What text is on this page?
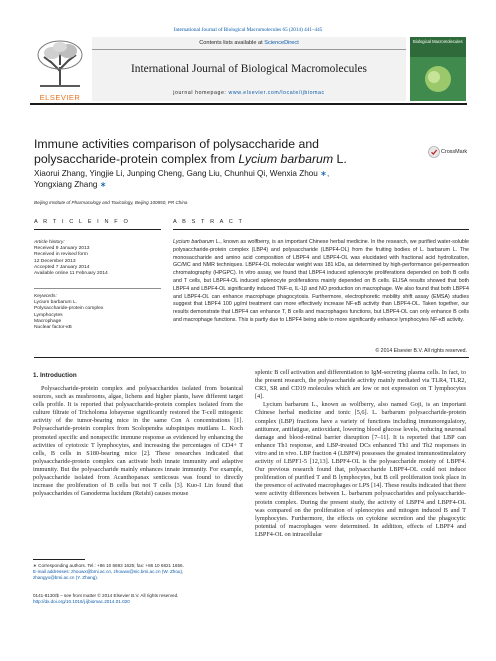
International Journal of Biological Macromolecules 65 (2014) 441–445
ELSEVIER
Contents lists available at ScienceDirect
International Journal of Biological Macromolecules
journal homepage: www.elsevier.com/locate/ijbiomac
Biological Macromolecules
Immune activities comparison of polysaccharide and
polysaccharide-protein complex from Lycium barbarum L.	CrossMark
Xiaorui Zhang, Yingjie Li, Junping Cheng, Gang Liu, Chunhui Qi, Wenxia Zhou ∗,
Yongxiang Zhang ∗
Beijing Institute of Pharmacology and Toxicology, Beijing 100850, PR China
A R T I C L E I N F O
Article history:
Received 9 January 2013
Received in revised form
12 December 2013
Accepted 7 January 2014
Available online 11 February 2014
Keywords:
Lycium barbarum L.
Polysaccharide-protein complex
Lymphocytes
Macrophage
Nuclear factor-κB
A B S T R A C T
Lycium barbarum L., known as wolfberry, is an important Chinese herbal medicine. In the research, we purified water-soluble polysaccharide-protein complex (LBP4) and polysaccharide (LBPF4-OL) from the fruiting bodies of L. barbarum L. The monosaccharide and amino acid composition of LBPF4 and LBPF4-OL was elucidated with fractional acid hydrolization, GC/MC and NMR techniques. LBPF4-OL molecular weight was 181 kDa, as determined by high-performance gel-permeation chromatography (HPGPC). In vitro assay, we found that LBPF4 induced splenocyte proliferations depended on both B cells and T cells, but LBPF4-OL induced splenocyte proliferations mainly depended on B cells. ELISA results showed that both LBPF4 and LBPF4-OL significantly induced TNF-α, IL-1β and NO production on macrophage. We also found that both LBPF4 and LBPF4-OL can enhance macrophage phagocytosis. Furthermore, electrophoretic mobility shift assay (EMSA) studies suggest that LBPF4 100 μg/ml treatment can more effectively increase NF-κB activity than LBPF4-OL. Taken together, our results demonstrate that LBPF4 can enhance T, B cells and macrophages functions, but LBPF4-OL can only enhance B cells and macrophage functions. This is partly due to LBPF4 being able to more significantly enhance lymphocytes NF-κB activity.
© 2014 Elsevier B.V. All rights reserved.
1. Introduction
Polysaccharide-protein complex and polysaccharides isolated from botanical sources, such as mushrooms, algae, lichens and higher plants, have different target cells profile. It is reported that polysaccharide-protein complex isolated from the culture filtrate of Tricholoma lobayense significantly restored the T-cell mitogenic activity of the tumor-bearing mice in the same Con A concentrations [1]. Polysaccharide-protein complex from Scolopendra subspinipes mutilans L. Koch promoted specific and nonspecific immune response as evidenced by enhancing the activities of cytotoxic T lymphocytes, and increasing the percentages of CD4+ T cells, B cells in S180-bearing mice [2]. These researches indicated that polysaccharide-protein complex can activate both innate immunity and adaptive immunity. But the polysaccharide mainly enhances innate immunity. For example, polysaccharide isolated from Acanthopanax senticosus was found to directly increase the proliferation of B cells but not T cells [3]. Kuo-I Lin found that polysaccharides of Ganoderma lucidum (Reishi) causes mouse
splenic B cell activation and differentiation to IgM-secreting plasma cells. In fact, to the present research, the polysaccharide activity mainly mediated via TLR4, TLR2, CR3, SR and CD19 molecules which are low or not expression on T lymphocytes [4].
Lycium barbarum L., known as wolfberry, also named Goji, is an important Chinese herbal medicine and tonic [5,6]. L. barbarum polysaccharide-protein complex (LBP) fractions have a variety of functions including immunoregulatory, antitumor, antifatigue, antioxidant, lowering blood glucose levels, reducing neuronal damage and blood-retinal barrier disruption [7–11]. It is reported that LBP can enhance Th1 response, and LBP-treated DCs enhanced Th1 and Th2 responses in vitro and in vivo. LBP fraction 4 (LBPF4) possesses the greatest immunostimulatory activity of LBPF1-5 [12,13]. LBPF4-OL is the polysaccharide moiety of LBPF4. Our previous research found that, polysaccharide LBPF4-OL could not induce proliferation of purified T and B lymphocytes, but B cell proliferation took place in the presence of activated macrophages or LPS [14]. These results indicated that there were activity differences between L. barbarum polysaccharides and polysaccharide-protein complex. During the present study, the activity of LBPF4 and LBPF4-OL was compared on the proliferation of splenocytes and mitogen induced B and T lymphocytes. Furthermore, the effects on cytokine secretion and the phagocytic potential of macrophages were determined. In addition, effects of LBPF4 and LBPF4-OL on intracellular
∗ Corresponding authors. Tel.: +86 10 6693 1625; fax: +86 10 6821 1656.
E-mail addresses: zhouwx@bmi.ac.cn, zhouwx@nic.bmi.ac.cn (W. Zhou),
zhangyx@bmi.ac.cn (Y. Zhang).
0141-8130/$ – see front matter © 2014 Elsevier B.V. All rights reserved.
http://dx.doi.org/10.1016/j.ijbiomac.2014.01.020
